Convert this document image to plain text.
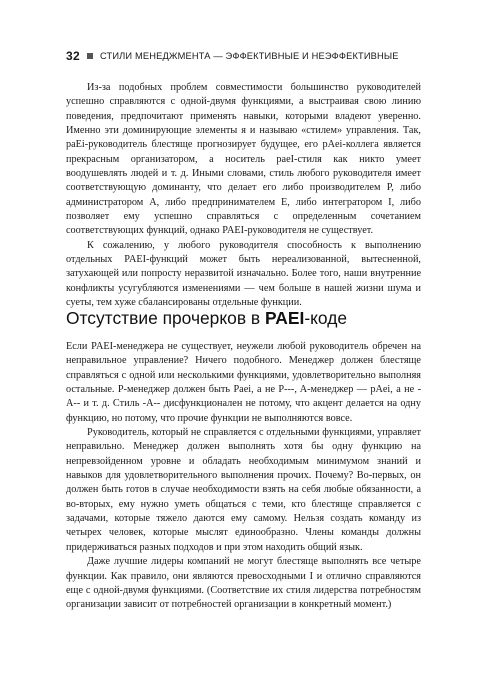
32 СТИЛИ МЕНЕДЖМЕНТА — ЭФФЕКТИВНЫЕ И НЕЭФФЕКТИВНЫЕ

Из-за подобных проблем совместимости большинство руководителей успешно справляются с одной-двумя функциями, а выстраивая свою линию поведения, предпочитают применять навыки, которыми владеют уверенно. Именно эти доминирующие элементы я и называю «стилем» управления. Так, paEi-руководитель блестяще прогнозирует будущее, его pAei-коллега является прекрасным организатором, а носитель paeI-стиля как никто умеет воодушевлять людей и т. д. Иными словами, стиль любого руководителя имеет соответствующую доминанту, что делает его либо производителем P, либо администратором A, либо предпринимателем E, либо интегратором I, либо позволяет ему успешно справляться с определенным сочетанием соответствующих функций, однако PAEI-руководителя не существует.

К сожалению, у любого руководителя способность к выполнению отдельных PAEI-функций может быть нереализованной, вытесненной, затухающей или попросту неразвитой изначально. Более того, наши внутренние конфликты усугубляются изменениями — чем больше в нашей жизни шума и суеты, тем хуже сбалансированы отдельные функции.

Отсутствие прочерков в PAEI-коде

Если PAEI-менеджера не существует, неужели любой руководитель обречен на неправильное управление? Ничего подобного. Менеджер должен блестяще справляться с одной или несколькими функциями, удовлетворительно выполняя остальные. P-менеджер должен быть Paei, а не P---, A-менеджер — pAei, а не -A-- и т. д. Стиль -A-- дисфункционален не потому, что акцент делается на одну функцию, но потому, что прочие функции не выполняются вовсе.

Руководитель, который не справляется с отдельными функциями, управляет неправильно. Менеджер должен выполнять хотя бы одну функцию на непревзойденном уровне и обладать необходимым минимумом знаний и навыков для удовлетворительного выполнения прочих. Почему? Во-первых, он должен быть готов в случае необходимости взять на себя любые обязанности, а во-вторых, ему нужно уметь общаться с теми, кто блестяще справляется с задачами, которые тяжело даются ему самому. Нельзя создать команду из четырех человек, которые мыслят единообразно. Члены команды должны придерживаться разных подходов и при этом находить общий язык.

Даже лучшие лидеры компаний не могут блестяще выполнять все четыре функции. Как правило, они являются превосходными I и отлично справляются еще с одной-двумя функциями. (Соответствие их стиля лидерства потребностям организации зависит от потребностей организации в конкретный момент.)
